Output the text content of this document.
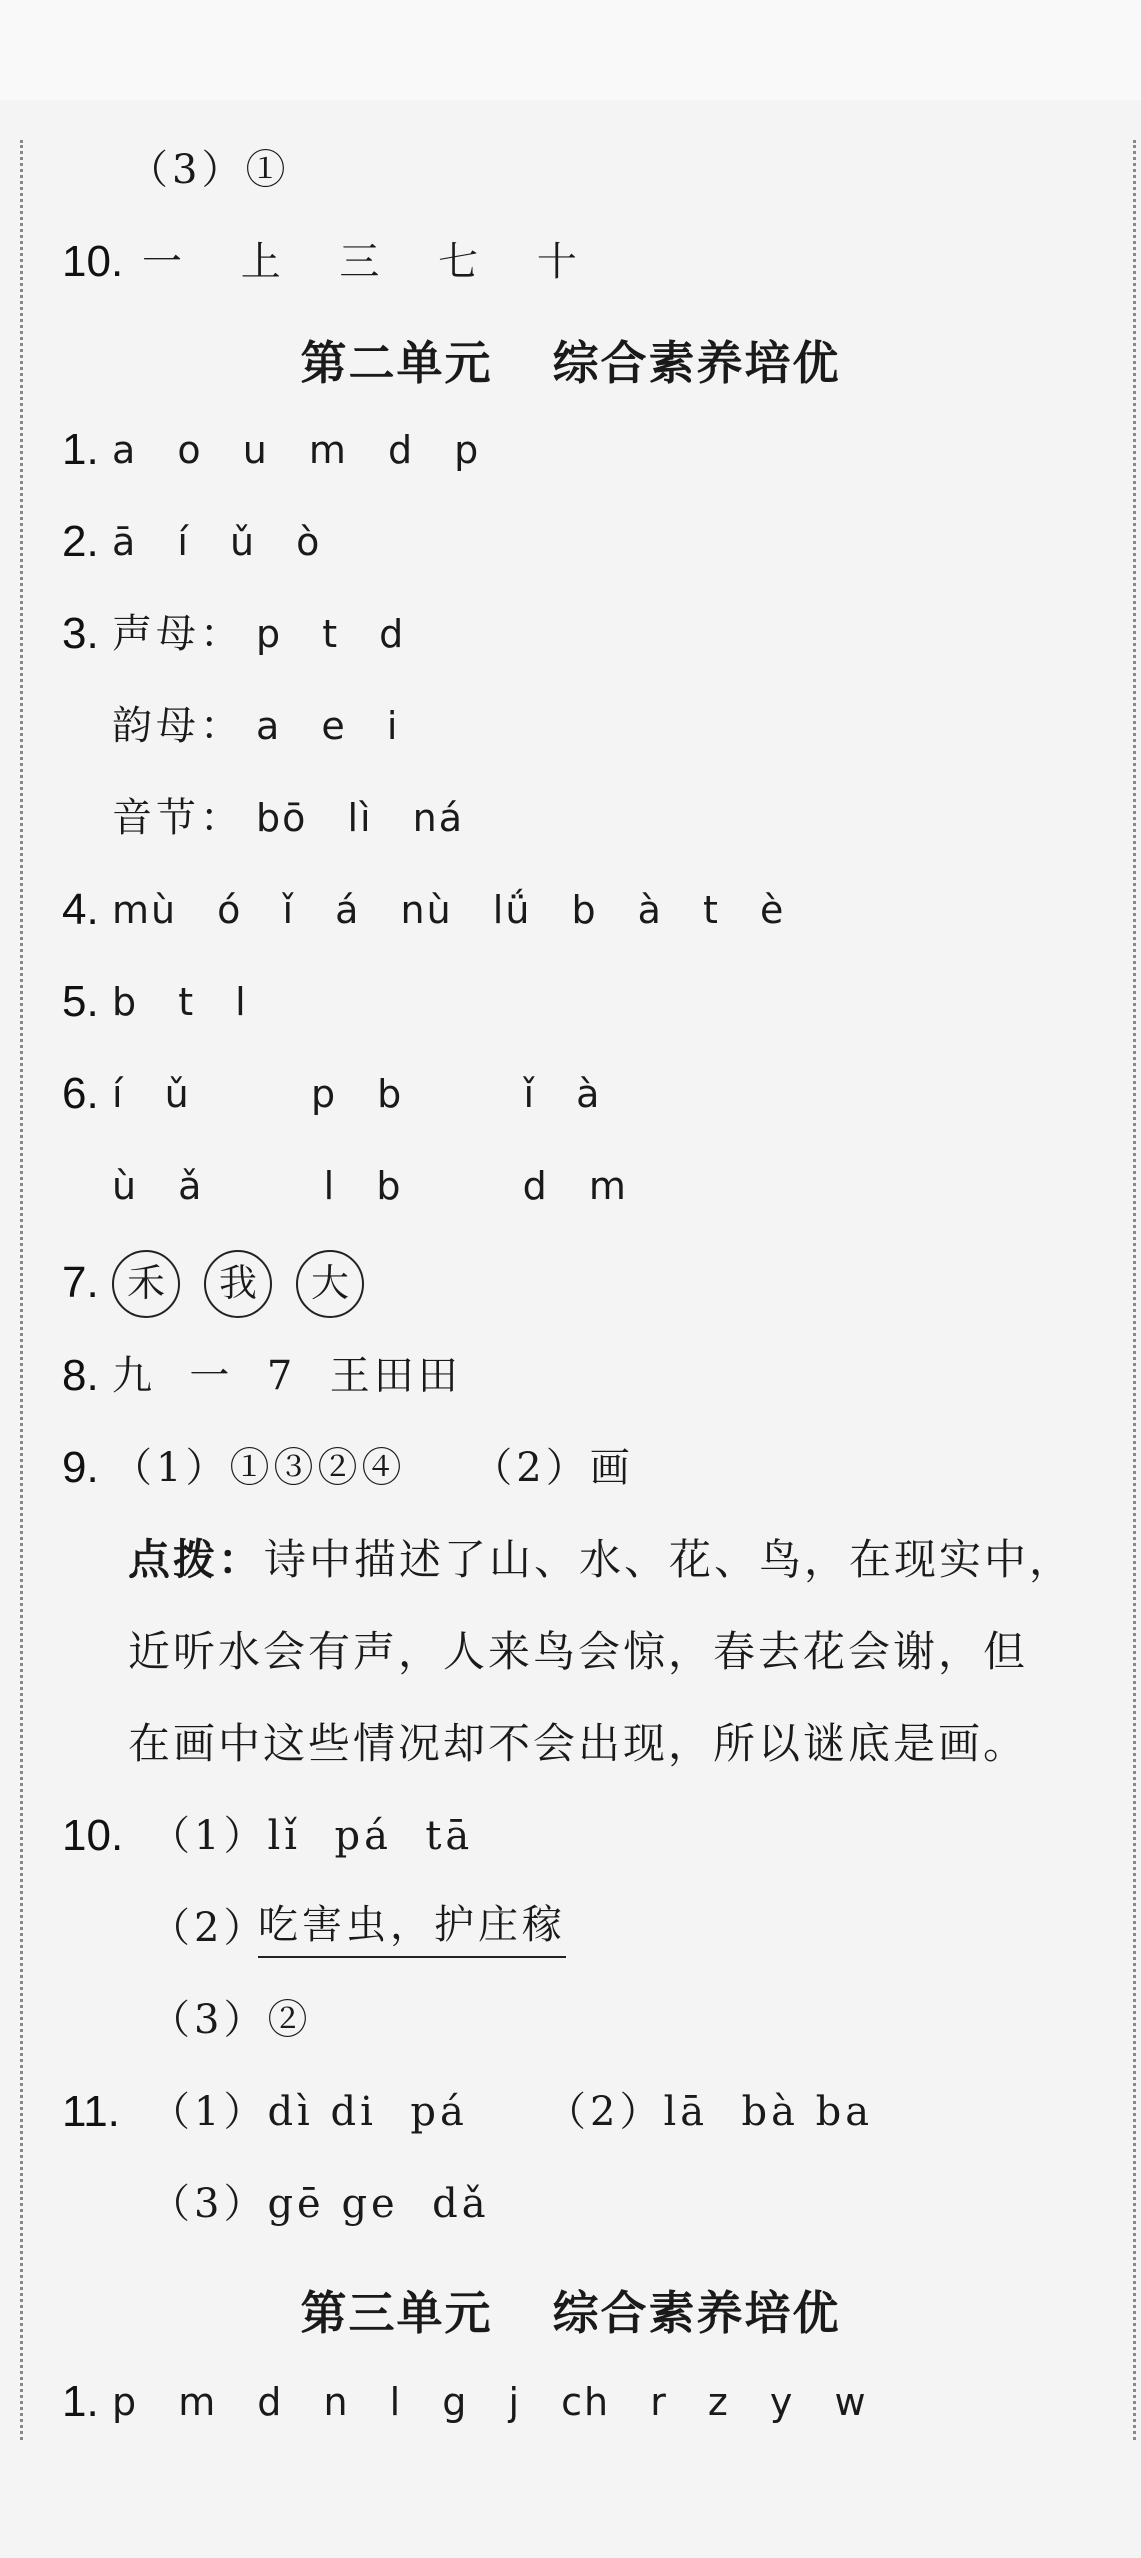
（3）①
10. 一 上 三 七 十
第二单元 综合素养培优
1. a o u m d p
2. ā í ǔ ò
3. 声母： p t d
韵母： a e i
音节： bō lì ná
4. mù ó ǐ á nù lǘ b à t è
5. b t l
6. í ǔ   p b   ǐ à
ù ǎ   l b   d m
7. 禾 我 大
8. 九  一  7  王田田
9. （1）①③②④    （2）画
点拨： 诗中描述了山、水、花、鸟，在现实中，
近听水会有声，人来鸟会惊，春去花会谢，但
在画中这些情况却不会出现，所以谜底是画。
10. （1）lǐ  pá  tā
（2）
吃害虫，护庄稼
（3）②
11. （1）dì di  pá （2）lā  bà ba
（3）gē ge  dǎ
第三单元 综合素养培优
1. p m d n l g j ch r z y w
